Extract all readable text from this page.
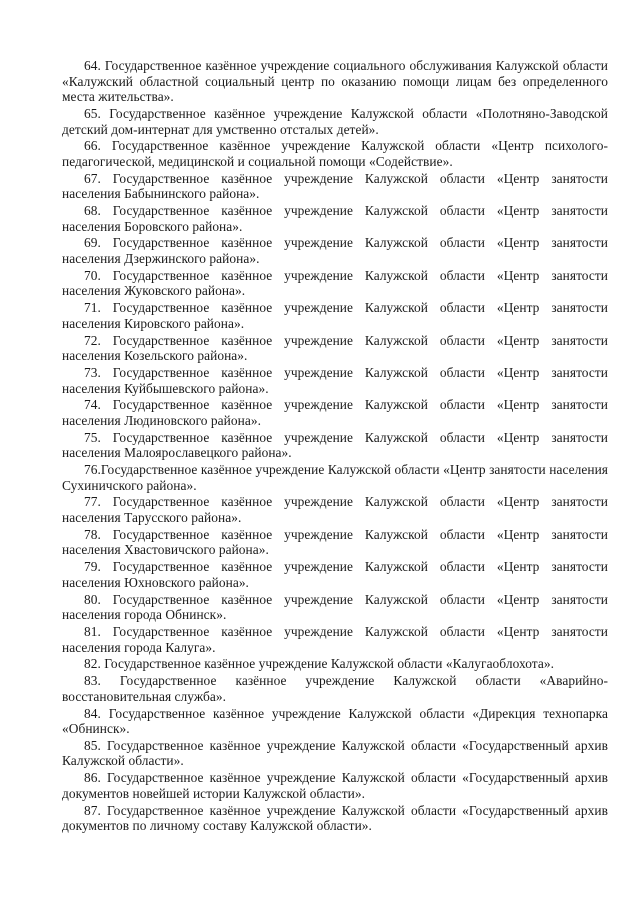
64. Государственное казённое учреждение социального обслуживания Калужской области «Калужский областной социальный центр по оказанию помощи лицам без определенного места жительства».

65. Государственное казённое учреждение Калужской области «Полотняно-Заводской детский дом-интернат для умственно отсталых детей».

66. Государственное казённое учреждение Калужской области «Центр психолого-педагогической, медицинской и социальной помощи «Содействие».

67. Государственное казённое учреждение Калужской области «Центр занятости населения Бабынинского района».

68. Государственное казённое учреждение Калужской области «Центр занятости населения Боровского района».

69. Государственное казённое учреждение Калужской области «Центр занятости населения Дзержинского района».

70. Государственное казённое учреждение Калужской области «Центр занятости населения Жуковского района».

71. Государственное казённое учреждение Калужской области «Центр занятости населения Кировского района».

72. Государственное казённое учреждение Калужской области «Центр занятости населения Козельского района».

73. Государственное казённое учреждение Калужской области «Центр занятости населения Куйбышевского района».

74. Государственное казённое учреждение Калужской области «Центр занятости населения Людиновского района».

75. Государственное казённое учреждение Калужской области «Центр занятости населения Малоярославецкого района».

76.Государственное казённое учреждение Калужской области «Центр занятости населения Сухиничского района».

77. Государственное казённое учреждение Калужской области «Центр занятости населения Тарусского района».

78. Государственное казённое учреждение Калужской области «Центр занятости населения Хвастовичского района».

79. Государственное казённое учреждение Калужской области «Центр занятости населения Юхновского района».

80. Государственное казённое учреждение Калужской области «Центр занятости населения города Обнинск».

81. Государственное казённое учреждение Калужской области «Центр занятости населения города Калуга».

82. Государственное казённое учреждение Калужской области «Калугаоблохота».

83. Государственное казённое учреждение Калужской области «Аварийно-восстановительная служба».

84. Государственное казённое учреждение Калужской области «Дирекция технопарка «Обнинск».

85. Государственное казённое учреждение Калужской области «Государственный архив Калужской области».

86. Государственное казённое учреждение Калужской области «Государственный архив документов новейшей истории Калужской области».

87. Государственное казённое учреждение Калужской области «Государственный архив документов по личному составу Калужской области».
